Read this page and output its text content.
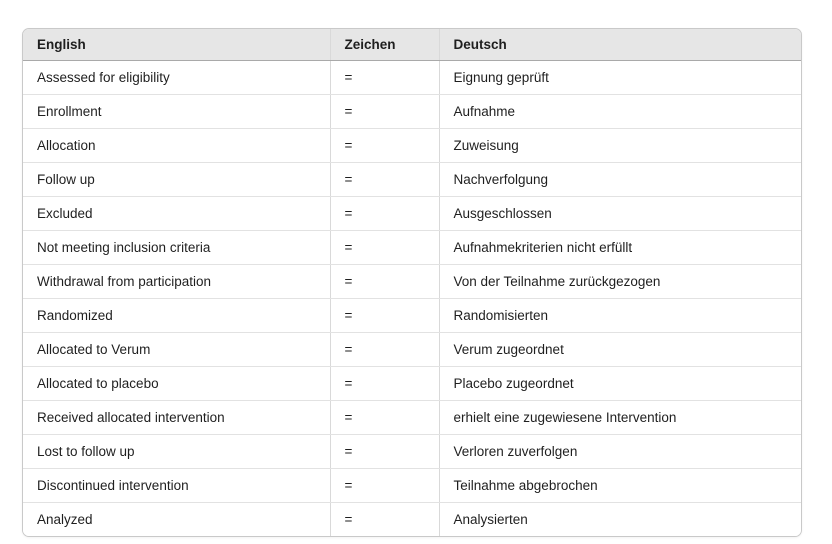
English	Zeichen	Deutsch
Assessed for eligibility	=	Eignung geprüft
Enrollment	=	Aufnahme
Allocation	=	Zuweisung
Follow up	=	Nachverfolgung
Excluded	=	Ausgeschlossen
Not meeting inclusion criteria	=	Aufnahmekriterien nicht erfüllt
Withdrawal from participation	=	Von der Teilnahme zurückgezogen
Randomized	=	Randomisierten
Allocated to Verum	=	Verum zugeordnet
Allocated to placebo	=	Placebo zugeordnet
Received allocated intervention	=	erhielt eine zugewiesene Intervention
Lost to follow up	=	Verloren zuverfolgen
Discontinued intervention	=	Teilnahme abgebrochen
Analyzed	=	Analysierten
